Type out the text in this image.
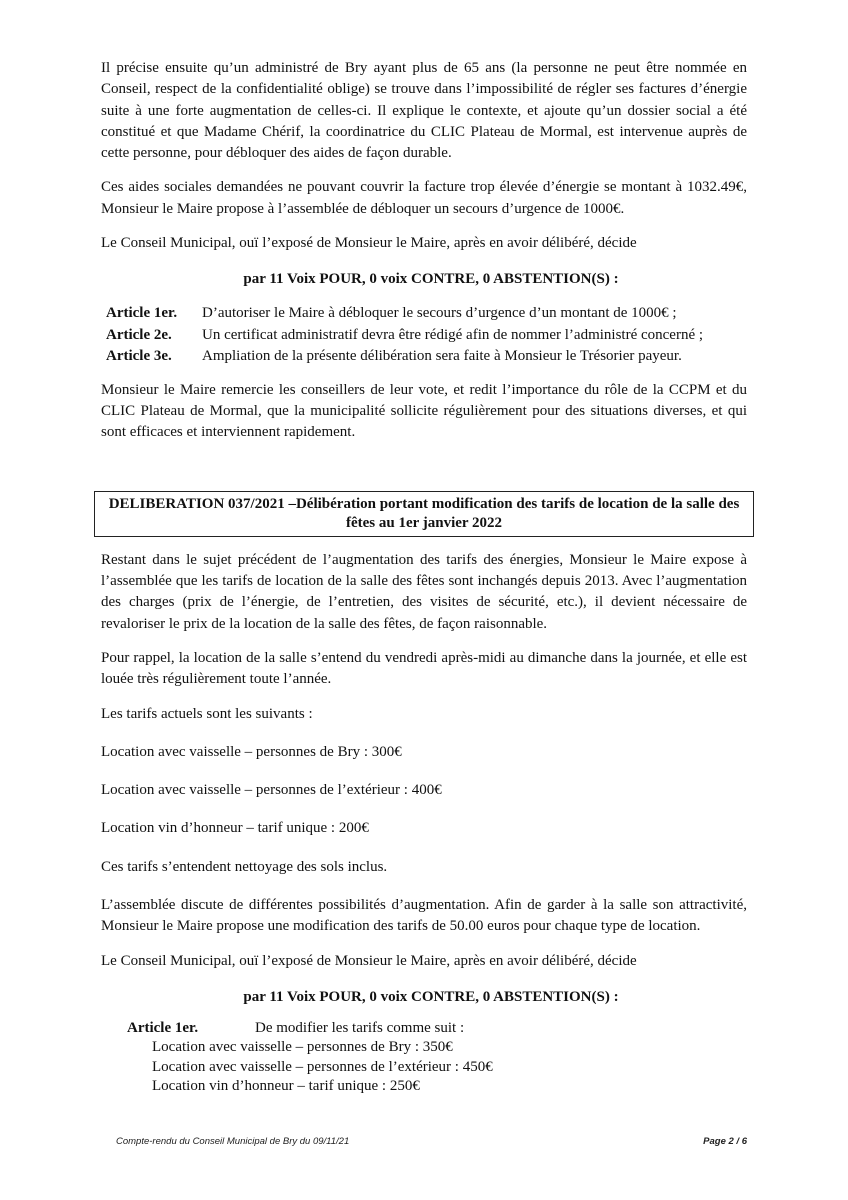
Il précise ensuite qu’un administré de Bry ayant plus de 65 ans (la personne ne peut être nommée en Conseil, respect de la confidentialité oblige) se trouve dans l’impossibilité de régler ses factures d’énergie suite à une forte augmentation de celles-ci. Il explique le contexte, et ajoute qu’un dossier social a été constitué et que Madame Chérif, la coordinatrice du CLIC Plateau de Mormal, est intervenue auprès de cette personne, pour débloquer des aides de façon durable.

Ces aides sociales demandées ne pouvant couvrir la facture trop élevée d’énergie se montant à 1032.49€, Monsieur le Maire propose à l’assemblée de débloquer un secours d’urgence de 1000€.

Le Conseil Municipal, ouï l’exposé de Monsieur le Maire, après en avoir délibéré, décide

par 11 Voix POUR, 0 voix CONTRE, 0 ABSTENTION(S) :

Article 1er.	D’autoriser le Maire à débloquer le secours d’urgence d’un montant de 1000€ ;
Article 2e.	Un certificat administratif devra être rédigé afin de nommer l’administré concerné ;
Article 3e.	Ampliation de la présente délibération sera faite à Monsieur le Trésorier payeur.

Monsieur le Maire remercie les conseillers de leur vote, et redit l’importance du rôle de la CCPM et du CLIC Plateau de Mormal, que la municipalité sollicite régulièrement pour des situations diverses, et qui sont efficaces et interviennent rapidement.

DELIBERATION 037/2021 –Délibération portant modification des tarifs de location de la salle des fêtes au 1er janvier 2022

Restant dans le sujet précédent de l’augmentation des tarifs des énergies, Monsieur le Maire expose à l’assemblée que les tarifs de location de la salle des fêtes sont inchangés depuis 2013. Avec l’augmentation des charges (prix de l’énergie, de l’entretien, des visites de sécurité, etc.), il devient nécessaire de revaloriser le prix de la location de la salle des fêtes, de façon raisonnable.

Pour rappel, la location de la salle s’entend du vendredi après-midi au dimanche dans la journée, et elle est louée très régulièrement toute l’année.

Les tarifs actuels sont les suivants :

Location avec vaisselle – personnes de Bry : 300€

Location avec vaisselle – personnes de l’extérieur : 400€

Location vin d’honneur – tarif unique : 200€

Ces tarifs s’entendent nettoyage des sols inclus.

L’assemblée discute de différentes possibilités d’augmentation. Afin de garder à la salle son attractivité, Monsieur le Maire propose une modification des tarifs de 50.00 euros pour chaque type de location.

Le Conseil Municipal, ouï l’exposé de Monsieur le Maire, après en avoir délibéré, décide

par 11 Voix POUR, 0 voix CONTRE, 0 ABSTENTION(S) :

Article 1er.	De modifier les tarifs comme suit :
Location avec vaisselle – personnes de Bry : 350€
Location avec vaisselle – personnes de l’extérieur : 450€
Location vin d’honneur – tarif unique : 250€
Compte-rendu du Conseil Municipal de Bry du 09/11/21	Page 2 / 6
